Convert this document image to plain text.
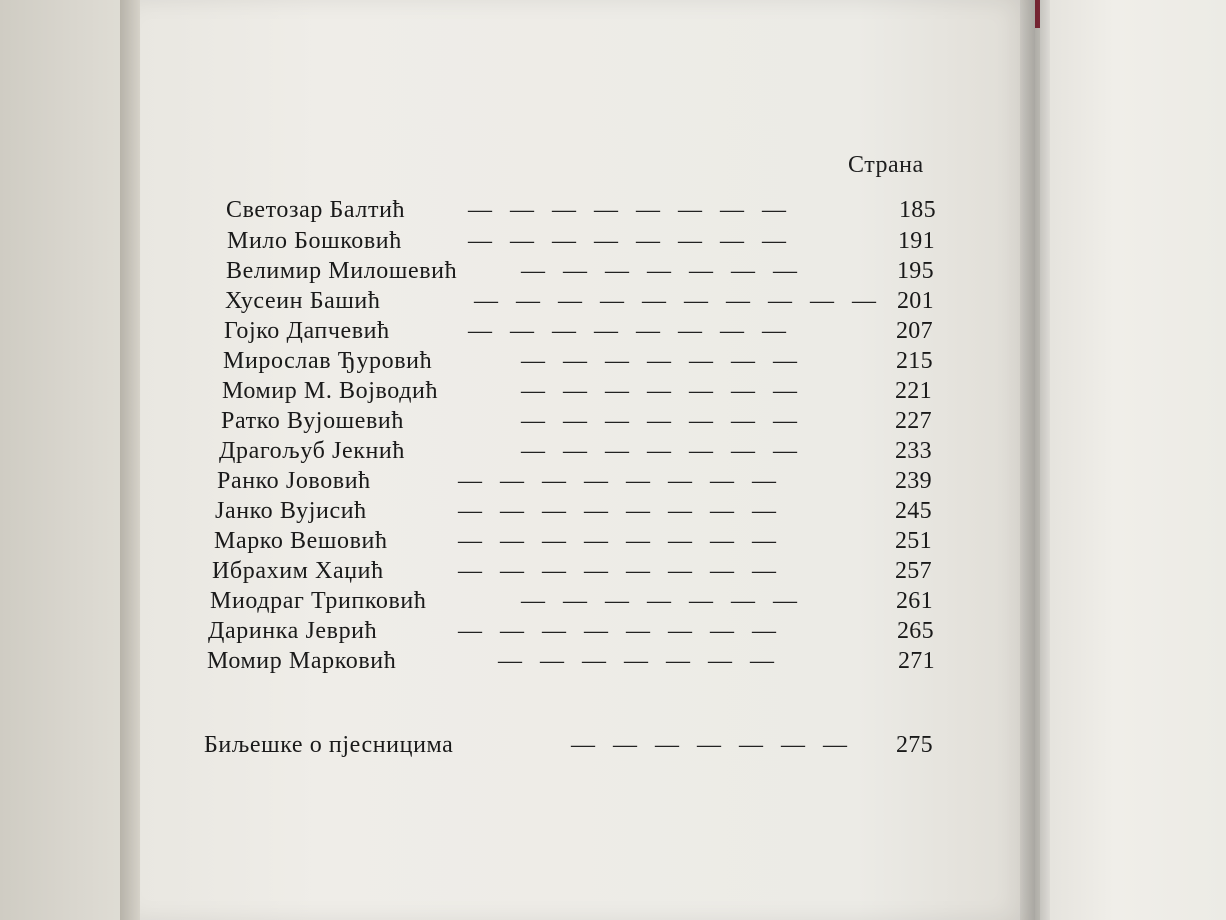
Страна
Светозар Балтић	— — — — — — — —	185
Мило Бошковић	— — — — — — — —	191
Велимир Милошевић	— — — — — — —	195
Хусеин Башић	— — — — — — — — — — 201
Гојко Дапчевић	— — — — — — — —	207
Мирослав Ђуровић	— — — — — — —	215
Момир М. Војводић	— — — — — — —	221
Ратко Вујошевић	— — — — — — —	227
Драгољуб Јекнић	— — — — — — —	233
Ранко Јововић	— — — — — — — —	239
Јанко Вујисић	— — — — — — — —	245
Марко Вешовић	— — — — — — — —	251
Ибрахим Хаџић	— — — — — — — —	257
Миодраг Трипковић	— — — — — — —	261
Даринка Јеврић	— — — — — — — —	265
Момир Марковић	— — — — — — —	271
Биљешке о пјесницима	— — — — — — — 275
